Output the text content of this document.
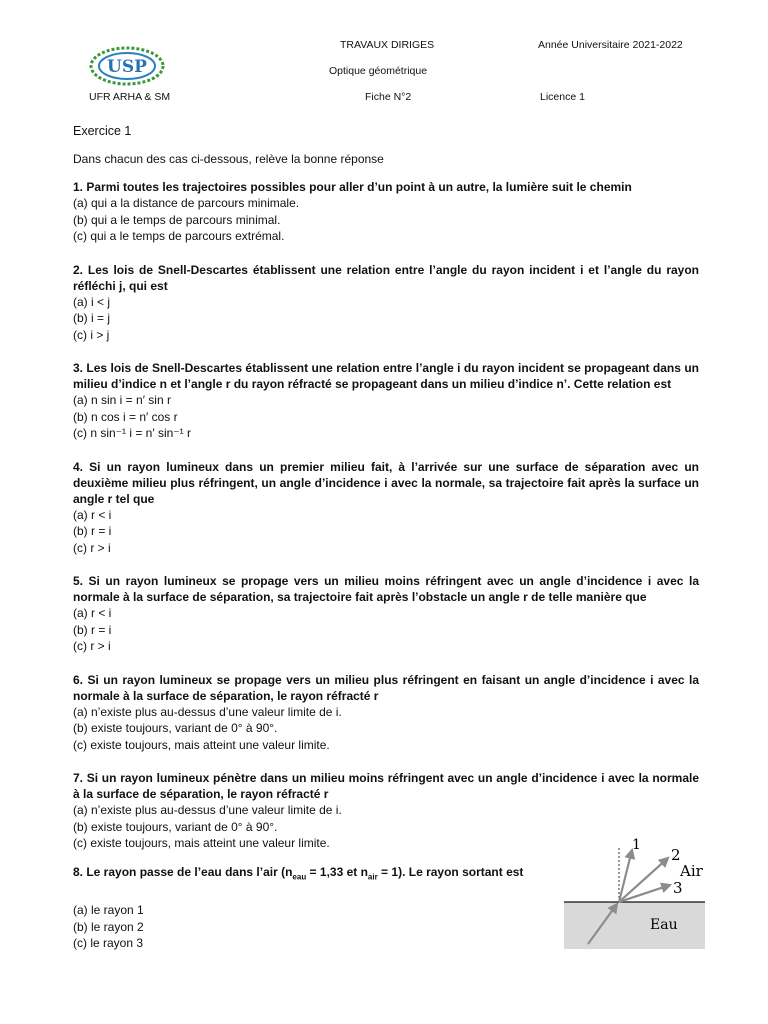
USP
TRAVAUX DIRIGES	Année Universitaire 2021-2022
Optique géométrique
UFR ARHA & SM	Fiche N°2	Licence 1
Exercice 1
Dans chacun des cas ci-dessous, relève la bonne réponse
1. Parmi toutes les trajectoires possibles pour aller d’un point à un autre, la lumière suit le chemin
(a) qui a la distance de parcours minimale.
(b) qui a le temps de parcours minimal.
(c) qui a le temps de parcours extrémal.
2. Les lois de Snell-Descartes établissent une relation entre l’angle du rayon incident i et l’angle du rayon réfléchi j, qui est
(a) i < j
(b) i = j
(c) i > j
3. Les lois de Snell-Descartes établissent une relation entre l’angle i du rayon incident se propageant dans un milieu d’indice n et l’angle r du rayon réfracté se propageant dans un milieu d’indice n’. Cette relation est
(a) n sin i = n′ sin r
(b) n cos i = n′ cos r
(c) n sin⁻¹ i = n′ sin⁻¹ r
4. Si un rayon lumineux dans un premier milieu fait, à l’arrivée sur une surface de séparation avec un deuxième milieu plus réfringent, un angle d’incidence i avec la normale, sa trajectoire fait après la surface un angle r tel que
(a) r < i
(b) r = i
(c) r > i
5. Si un rayon lumineux se propage vers un milieu moins réfringent avec un angle d’incidence i avec la normale à la surface de séparation, sa trajectoire fait après l’obstacle un angle r de telle manière que
(a) r < i
(b) r = i
(c) r > i
6. Si un rayon lumineux se propage vers un milieu plus réfringent en faisant un angle d’incidence i avec la normale à la surface de séparation, le rayon réfracté r
(a) n’existe plus au-dessus d’une valeur limite de i.
(b) existe toujours, variant de 0° à 90°.
(c) existe toujours, mais atteint une valeur limite.
7. Si un rayon lumineux pénètre dans un milieu moins réfringent avec un angle d’incidence i avec la normale à la surface de séparation, le rayon réfracté r
(a) n’existe plus au-dessus d’une valeur limite de i.
(b) existe toujours, variant de 0° à 90°.
(c) existe toujours, mais atteint une valeur limite.
8. Le rayon passe de l’eau dans l’air ($n_{eau} = 1,33$ et $n_{air} = 1$). Le rayon sortant est
(a) le rayon 1
(b) le rayon 2
(c) le rayon 3
1
2
Air
3
Eau
